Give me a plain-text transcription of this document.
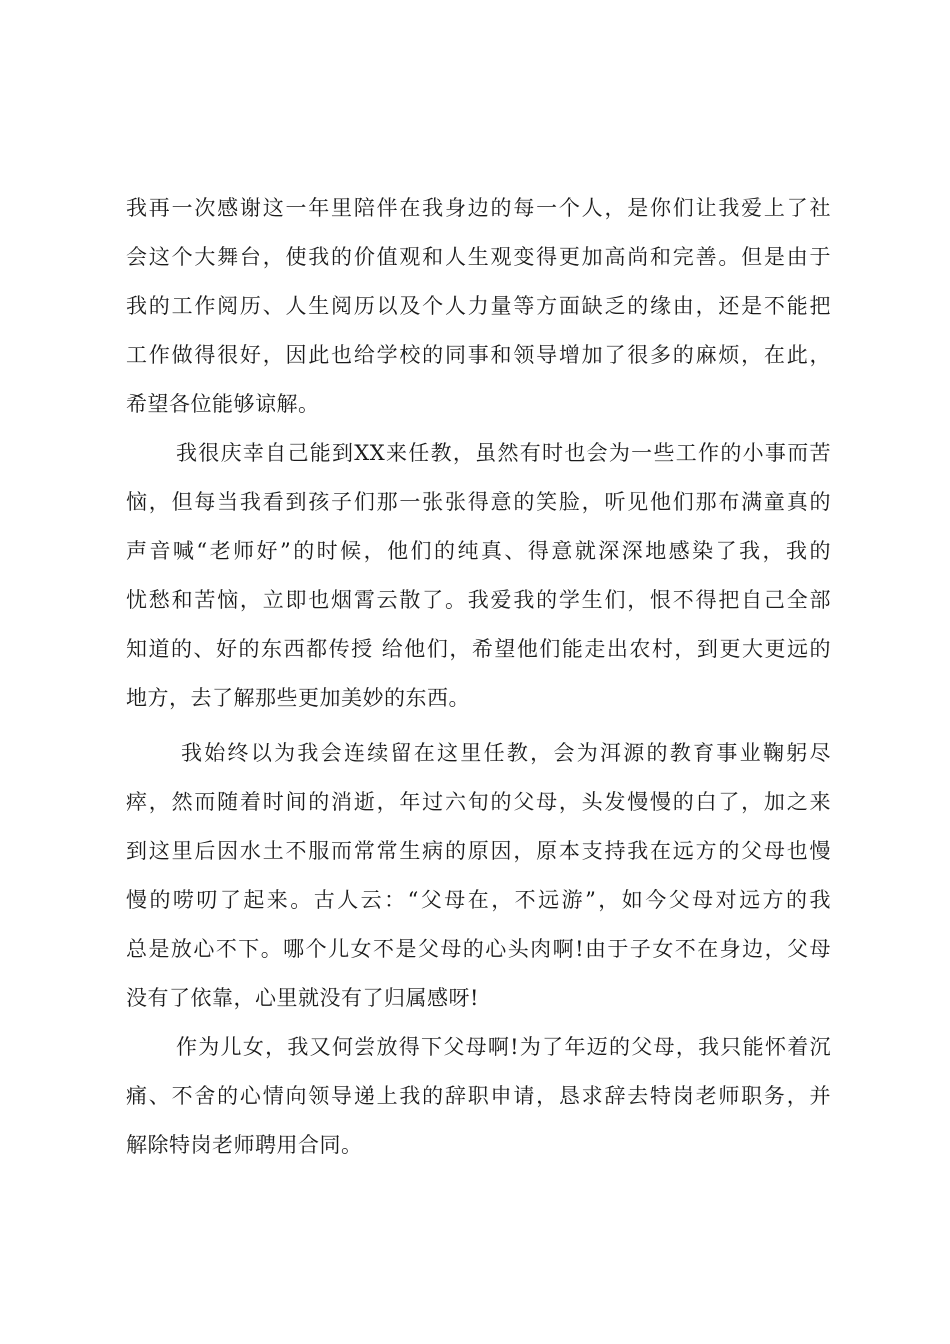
我再一次感谢这一年里陪伴在我身边的每一个人，是你们让我爱上了社
会这个大舞台，使我的价值观和人生观变得更加高尚和完善。但是由于
我的工作阅历、人生阅历以及个人力量等方面缺乏的缘由，还是不能把
工作做得很好，因此也给学校的同事和领导增加了很多的麻烦，在此，
希望各位能够谅解。
我很庆幸自己能到XX来任教，虽然有时也会为一些工作的小事而苦
恼，但每当我看到孩子们那一张张得意的笑脸，听见他们那布满童真的
声音喊“老师好”的时候，他们的纯真、得意就深深地感染了我，我的
忧愁和苦恼，立即也烟霄云散了。我爱我的学生们，恨不得把自己全部
知道的、好的东西都传授 给他们，希望他们能走出农村，到更大更远的
地方，去了解那些更加美妙的东西。
我始终以为我会连续留在这里任教，会为洱源的教育事业鞠躬尽
瘁，然而随着时间的消逝，年过六旬的父母，头发慢慢的白了，加之来
到这里后因水土不服而常常生病的原因，原本支持我在远方的父母也慢
慢的唠叨了起来。古人云：“父母在，不远游”，如今父母对远方的我
总是放心不下。哪个儿女不是父母的心头肉啊!由于子女不在身边，父母
没有了依靠，心里就没有了归属感呀!
作为儿女，我又何尝放得下父母啊!为了年迈的父母，我只能怀着沉
痛、不舍的心情向领导递上我的辞职申请，恳求辞去特岗老师职务，并
解除特岗老师聘用合同。
